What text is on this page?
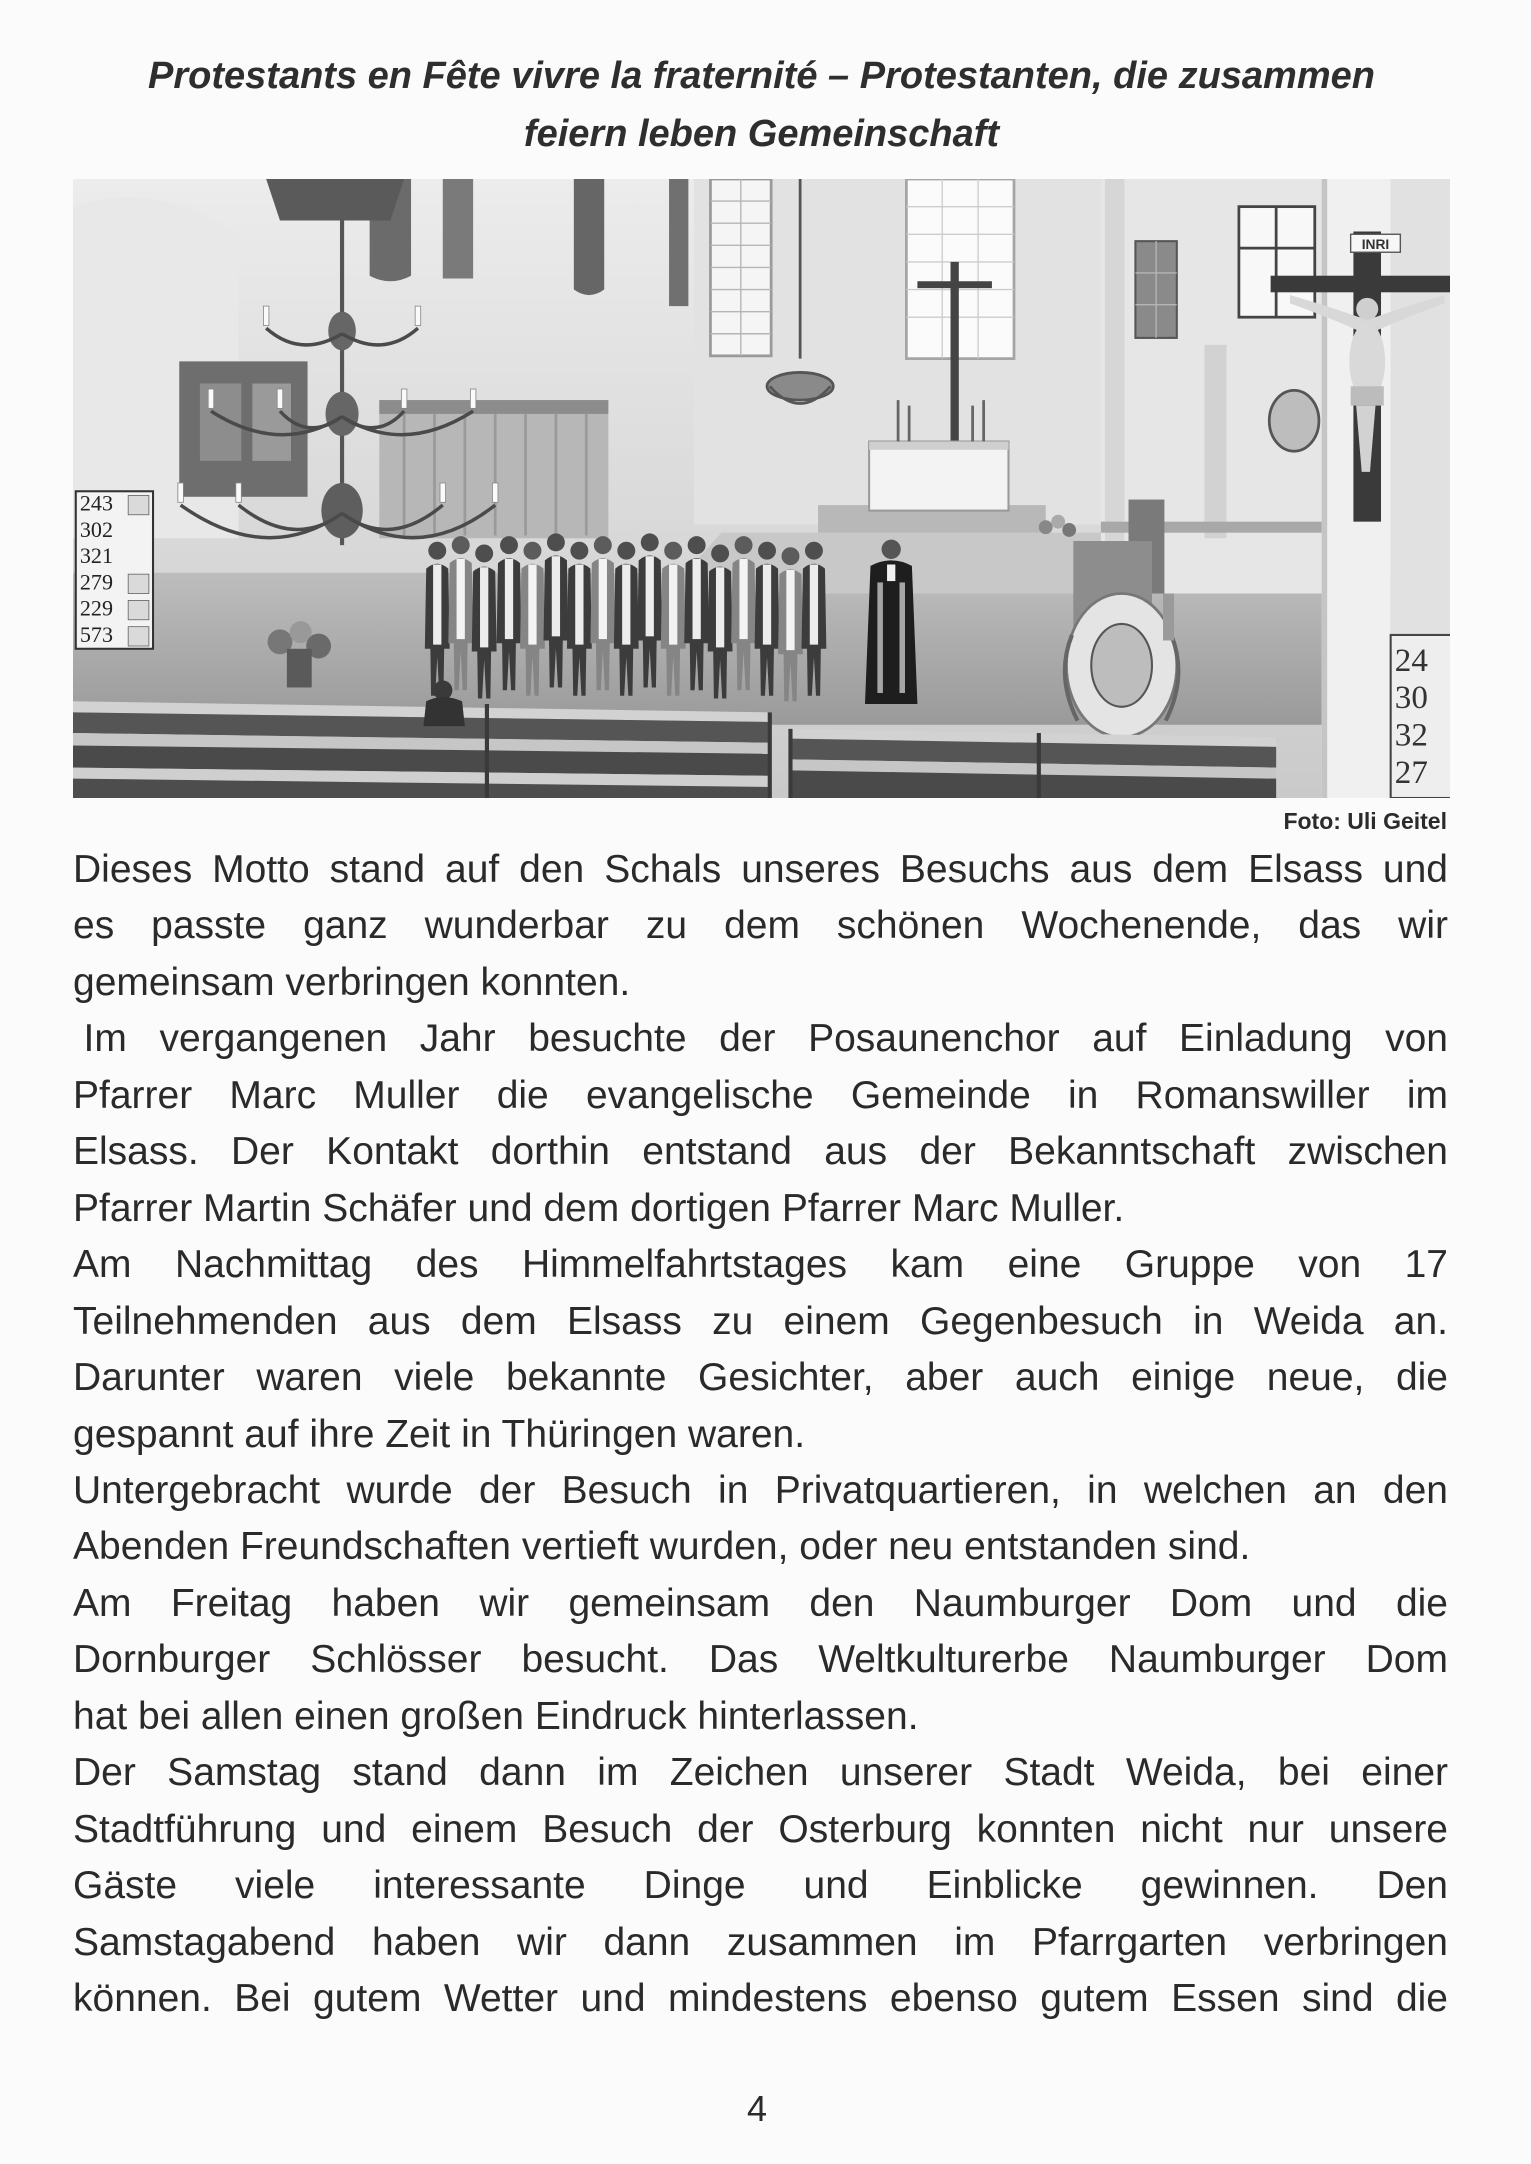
Protestants en Fête vivre la fraternité – Protestanten, die zusammen
feiern leben Gemeinschaft
243
302
321
279
229
573
INRI
24
30
32
27
Foto: Uli Geitel
Dieses Motto stand auf den Schals unseres Besuchs aus dem Elsass und
es passte ganz wunderbar zu dem schönen Wochenende, das wir
gemeinsam verbringen konnten.
Im vergangenen Jahr besuchte der Posaunenchor auf Einladung von
Pfarrer Marc Muller die evangelische Gemeinde in Romanswiller im
Elsass. Der Kontakt dorthin entstand aus der Bekanntschaft zwischen
Pfarrer Martin Schäfer und dem dortigen Pfarrer Marc Muller.
Am Nachmittag des Himmelfahrtstages kam eine Gruppe von 17
Teilnehmenden aus dem Elsass zu einem Gegenbesuch in Weida an.
Darunter waren viele bekannte Gesichter, aber auch einige neue, die
gespannt auf ihre Zeit in Thüringen waren.
Untergebracht wurde der Besuch in Privatquartieren, in welchen an den
Abenden Freundschaften vertieft wurden, oder neu entstanden sind.
Am Freitag haben wir gemeinsam den Naumburger Dom und die
Dornburger Schlösser besucht. Das Weltkulturerbe Naumburger Dom
hat bei allen einen großen Eindruck hinterlassen.
Der Samstag stand dann im Zeichen unserer Stadt Weida, bei einer
Stadtführung und einem Besuch der Osterburg konnten nicht nur unsere
Gäste viele interessante Dinge und Einblicke gewinnen. Den
Samstagabend haben wir dann zusammen im Pfarrgarten verbringen
können. Bei gutem Wetter und mindestens ebenso gutem Essen sind die
4
